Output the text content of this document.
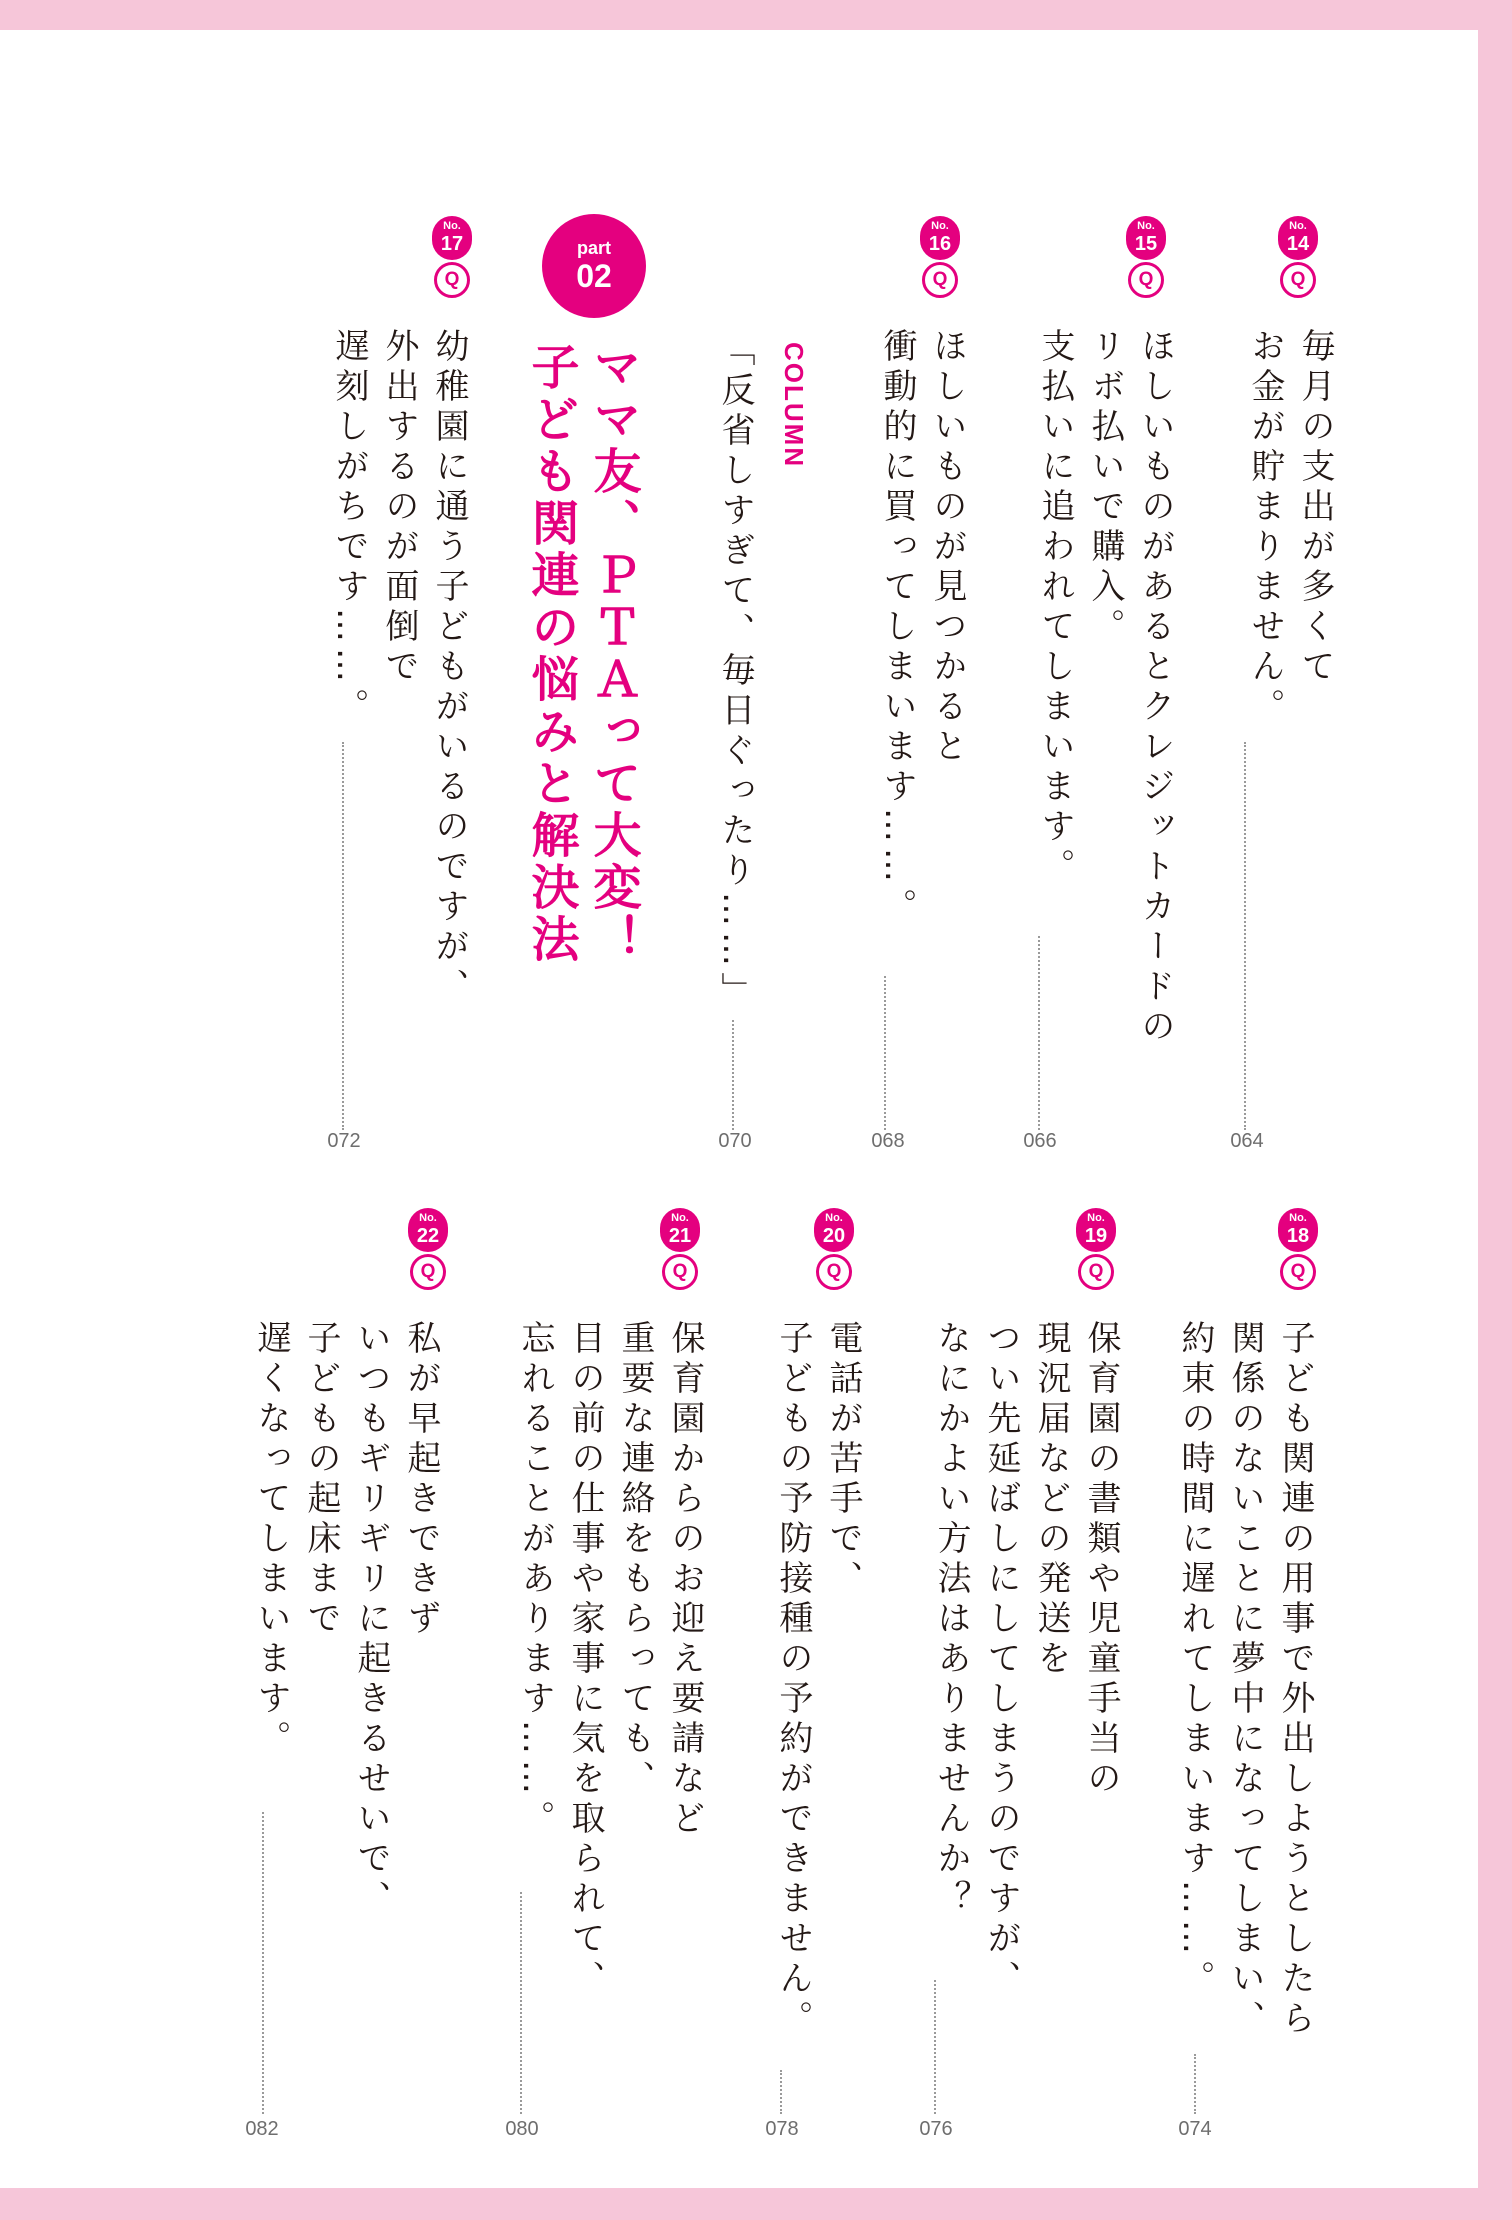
No.
14
Q
毎月の支出が多くて
お金が貯まりません。
064
No.
15
Q
ほしいものがあるとクレジットカードの
リボ払いで購入。
支払いに追われてしまいます。
066
No.
16
Q
ほしいものが見つかると
衝動的に買ってしまいます……。
068
COLUMN
「反省しすぎて、毎日ぐったり……」
070
part
02
ママ友、ＰＴＡって大変！
子ども関連の悩みと解決法
No.
17
Q
幼稚園に通う子どもがいるのですが、
外出するのが面倒で
遅刻しがちです……。
072
No.
18
Q
子ども関連の用事で外出しようとしたら
関係のないことに夢中になってしまい、
約束の時間に遅れてしまいます……。
074
No.
19
Q
保育園の書類や児童手当の
現況届などの発送を
つい先延ばしにしてしまうのですが、
なにかよい方法はありませんか？
076
No.
20
Q
電話が苦手で、
子どもの予防接種の予約ができません。
078
No.
21
Q
保育園からのお迎え要請など
重要な連絡をもらっても、
目の前の仕事や家事に気を取られて、
忘れることがあります……。
080
No.
22
Q
私が早起きできず
いつもギリギリに起きるせいで、
子どもの起床まで
遅くなってしまいます。
082
